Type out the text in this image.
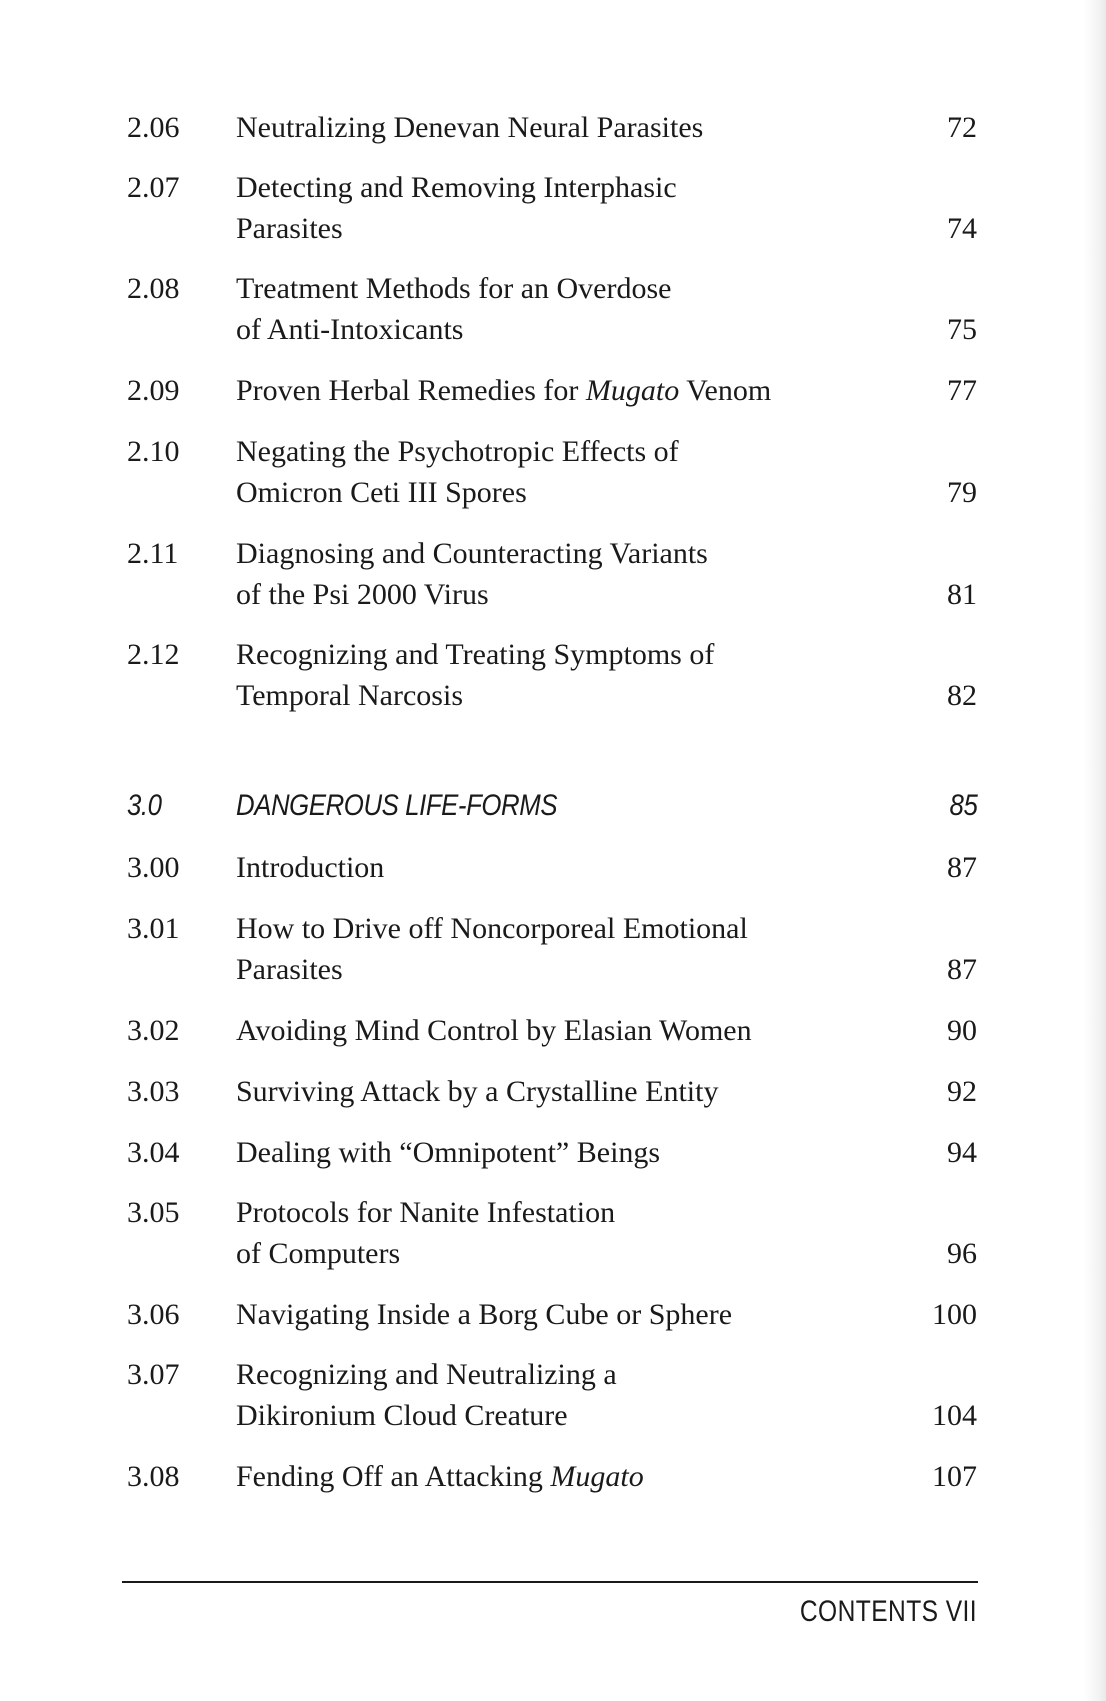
2.06 Neutralizing Denevan Neural Parasites	72
2.07 Detecting and Removing Interphasic
Parasites	74
2.08 Treatment Methods for an Overdose
of Anti-Intoxicants	75
2.09 Proven Herbal Remedies for Mugato Venom	77
2.10 Negating the Psychotropic Effects of
Omicron Ceti III Spores	79
2.11 Diagnosing and Counteracting Variants
of the Psi 2000 Virus	81
2.12 Recognizing and Treating Symptoms of
Temporal Narcosis	82
3.0 DANGEROUS LIFE-FORMS	85
3.00 Introduction	87
3.01 How to Drive off Noncorporeal Emotional
Parasites	87
3.02 Avoiding Mind Control by Elasian Women	90
3.03 Surviving Attack by a Crystalline Entity	92
3.04 Dealing with “Omnipotent” Beings	94
3.05 Protocols for Nanite Infestation
of Computers	96
3.06 Navigating Inside a Borg Cube or Sphere	100
3.07 Recognizing and Neutralizing a
Dikironium Cloud Creature	104
3.08 Fending Off an Attacking Mugato	107
CONTENTS VII
